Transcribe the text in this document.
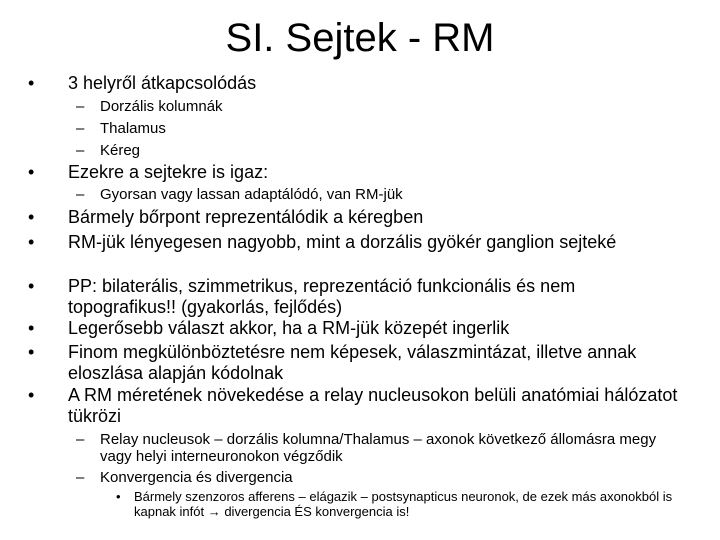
SI. Sejtek - RM
• 3 helyről átkapcsolódás
– Dorzális kolumnák
– Thalamus
– Kéreg
• Ezekre a sejtekre is igaz:
– Gyorsan vagy lassan adaptálódó, van RM-jük
• Bármely bőrpont reprezentálódik a kéregben
• RM-jük lényegesen nagyobb, mint a dorzális gyökér ganglion sejteké
• PP: bilaterális, szimmetrikus, reprezentáció funkcionális és nem topografikus!! (gyakorlás, fejlődés)
• Legerősebb választ akkor, ha a RM-jük közepét ingerlik
• Finom megkülönböztetésre nem képesek, válaszmintázat, illetve annak eloszlása alapján kódolnak
• A RM méretének növekedése a relay nucleusokon belüli anatómiai hálózatot tükrözi
– Relay nucleusok – dorzális kolumna/Thalamus – axonok következő állomásra megy vagy helyi interneuronokon végződik
– Konvergencia és divergencia
• Bármely szenzoros afferens – elágazik – postsynapticus neuronok, de ezek más axonokból is kapnak infót → divergencia ÉS konvergencia is!
